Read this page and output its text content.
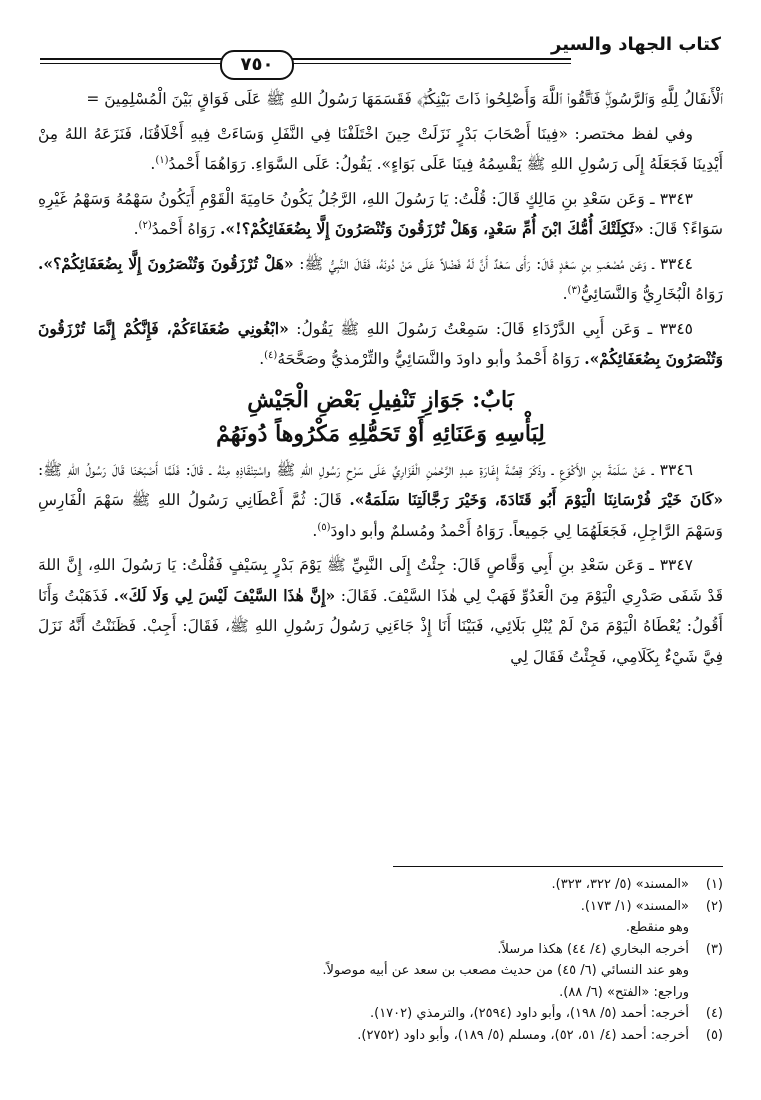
كتاب الجهاد والسير
٧٥٠

ٱلْأَنفَالُ لِلَّهِ وَٱلرَّسُولِۖ فَٱتَّقُوا۟ ٱللَّهَ وَأَصْلِحُوا۟ ذَاتَ بَيْنِكُمْۖ﴾ فَقَسَمَهَا رَسُولُ اللهِ ﷺ عَلَى فَوَاقٍ بَيْنَ الْمُسْلِمِينَ =

وفي لفظ مختصر: «فِينَا أَصْحَابَ بَدْرٍ نَزَلَتْ حِينَ اخْتَلَفْنَا فِي النَّفَلِ وَسَاءَتْ فِيهِ أَخْلَاقُنَا، فَنَزَعَهُ اللهُ مِنْ أَيْدِينَا فَجَعَلَهُ إِلَى رَسُولِ اللهِ ﷺ يَقْسِمُهُ فِينَا عَلَى بَوَاءٍ». يَقُولُ: عَلَى السَّوَاءِ. رَوَاهُمَا أَحْمدُ$^{(١)}$.

٣٣٤٣ ـ وَعَن سَعْدِ بنِ مَالِكٍ قَالَ: قُلْتُ: يَا رَسُولَ اللهِ، الرَّجُلُ يَكُونُ حَامِيَةَ الْقَوْمِ أَيَكُونُ سَهْمُهُ وَسَهْمُ غَيْرِهِ سَوَاءً؟ قَالَ: «ثَكِلَتْكَ أُمُّكَ ابْنَ أُمِّ سَعْدٍ، وَهَلْ تُرْزَقُونَ وَتُنْصَرُونَ إِلَّا بِضُعَفَائِكُمْ؟!». رَوَاهُ أَحْمدُ$^{(٢)}$.

٣٣٤٤ ـ وَعَن مُصْعَبِ بنِ سَعْدٍ قَالَ: رَأَى سَعْدٌ أَنَّ لَهُ فَضْلاً عَلَى مَنْ دُونَهُ، فَقَالَ النَّبِيُّ ﷺ: «هَلْ تُرْزَقُونَ وَتُنْصَرُونَ إِلَّا بِضُعَفَائِكُمْ؟». رَوَاهُ الْبُخَارِيُّ وَالنَّسَائِيُّ$^{(٣)}$.

٣٣٤٥ ـ وَعَن أَبِي الدَّرْدَاءِ قَالَ: سَمِعْتُ رَسُولَ اللهِ ﷺ يَقُولُ: «ابْغُونِي ضُعَفَاءَكُمْ، فَإِنَّكُمْ إِنَّمَا تُرْزَقُونَ وَتُنْصَرُونَ بِضُعَفَائِكُمْ». رَوَاهُ أَحْمدُ وأبو داودَ والنَّسَائِيُّ والتِّرْمذيُّ وصَحَّحَهُ$^{(٤)}$.

بَابٌ: جَوَازِ تَنْفِيلِ بَعْضِ الْجَيْشِ
لِبَأْسِهِ وَعَنَائِهِ أَوْ تَحَمُّلِهِ مَكْرُوهاً دُونَهُمْ

٣٣٤٦ ـ عَنْ سَلَمَةَ بنِ الأَكْوَعِ ـ وذَكَرَ قِصَّةَ إِغَارَةِ عبدِ الرَّحْمٰنِ الْفَزَارِيِّ عَلَى سَرْحِ رَسُولِ اللهِ ﷺ واسْتِنْقَاذِهِ مِنْهُ ـ قَالَ: فَلَمَّا أَصْبَحْنَا قَالَ رَسُولُ اللهِ ﷺ: «كَانَ خَيْرَ فُرْسَانِنَا الْيَوْمَ أَبُو قَتَادَةَ، وَخَيْرَ رَجَّالَتِنَا سَلَمَةُ». قَالَ: ثُمَّ أَعْطَانِي رَسُولُ اللهِ ﷺ سَهْمَ الْفَارِسِ وَسَهْمَ الرَّاجِلِ، فَجَعَلَهُمَا لِي جَمِيعاً. رَوَاهُ أَحْمدُ ومُسلمٌ وأبو داودَ$^{(٥)}$.

٣٣٤٧ ـ وَعَن سَعْدِ بنِ أَبِي وَقَّاصٍ قَالَ: جِئْتُ إِلَى النَّبِيِّ ﷺ يَوْمَ بَدْرٍ بِسَيْفٍ فَقُلْتُ: يَا رَسُولَ اللهِ، إِنَّ اللهَ قَدْ شَفَى صَدْرِي الْيَوْمَ مِنَ الْعَدُوِّ فَهَبْ لِي هٰذَا السَّيْفَ. فَقَالَ: «إِنَّ هٰذَا السَّيْفَ لَيْسَ لِي وَلَا لَكَ». فَذَهَبْتُ وَأَنَا أَقُولُ: يُعْطَاهُ الْيَوْمَ مَنْ لَمْ يُبْلِ بَلَائِي، فَبَيْنَا أَنَا إِذْ جَاءَنِي رَسُولُ رَسُولِ اللهِ ﷺ، فَقَالَ: أَجِبْ. فَظَنَنْتُ أَنَّهُ نَزَلَ فِيَّ شَيْءٌ بِكَلَامِي، فَجِئْتُ فَقَالَ لِي

(١)
«المسند» (٥/ ٣٢٢، ٣٢٣).
(٢)
«المسند» (١/ ١٧٣).
وهو منقطع.
(٣)
أخرجه البخاري (٤/ ٤٤) هكذا مرسلاً.
وهو عند النسائي (٦/ ٤٥) من حديث مصعب بن سعد عن أبيه موصولاً.
وراجع: «الفتح» (٦/ ٨٨).
(٤)
أخرجه: أحمد (٥/ ١٩٨)، وأبو داود (٢٥٩٤)، والترمذي (١٧٠٢).
(٥)
أخرجه: أحمد (٤/ ٥١، ٥٢)، ومسلم (٥/ ١٨٩)، وأبو داود (٢٧٥٢).
